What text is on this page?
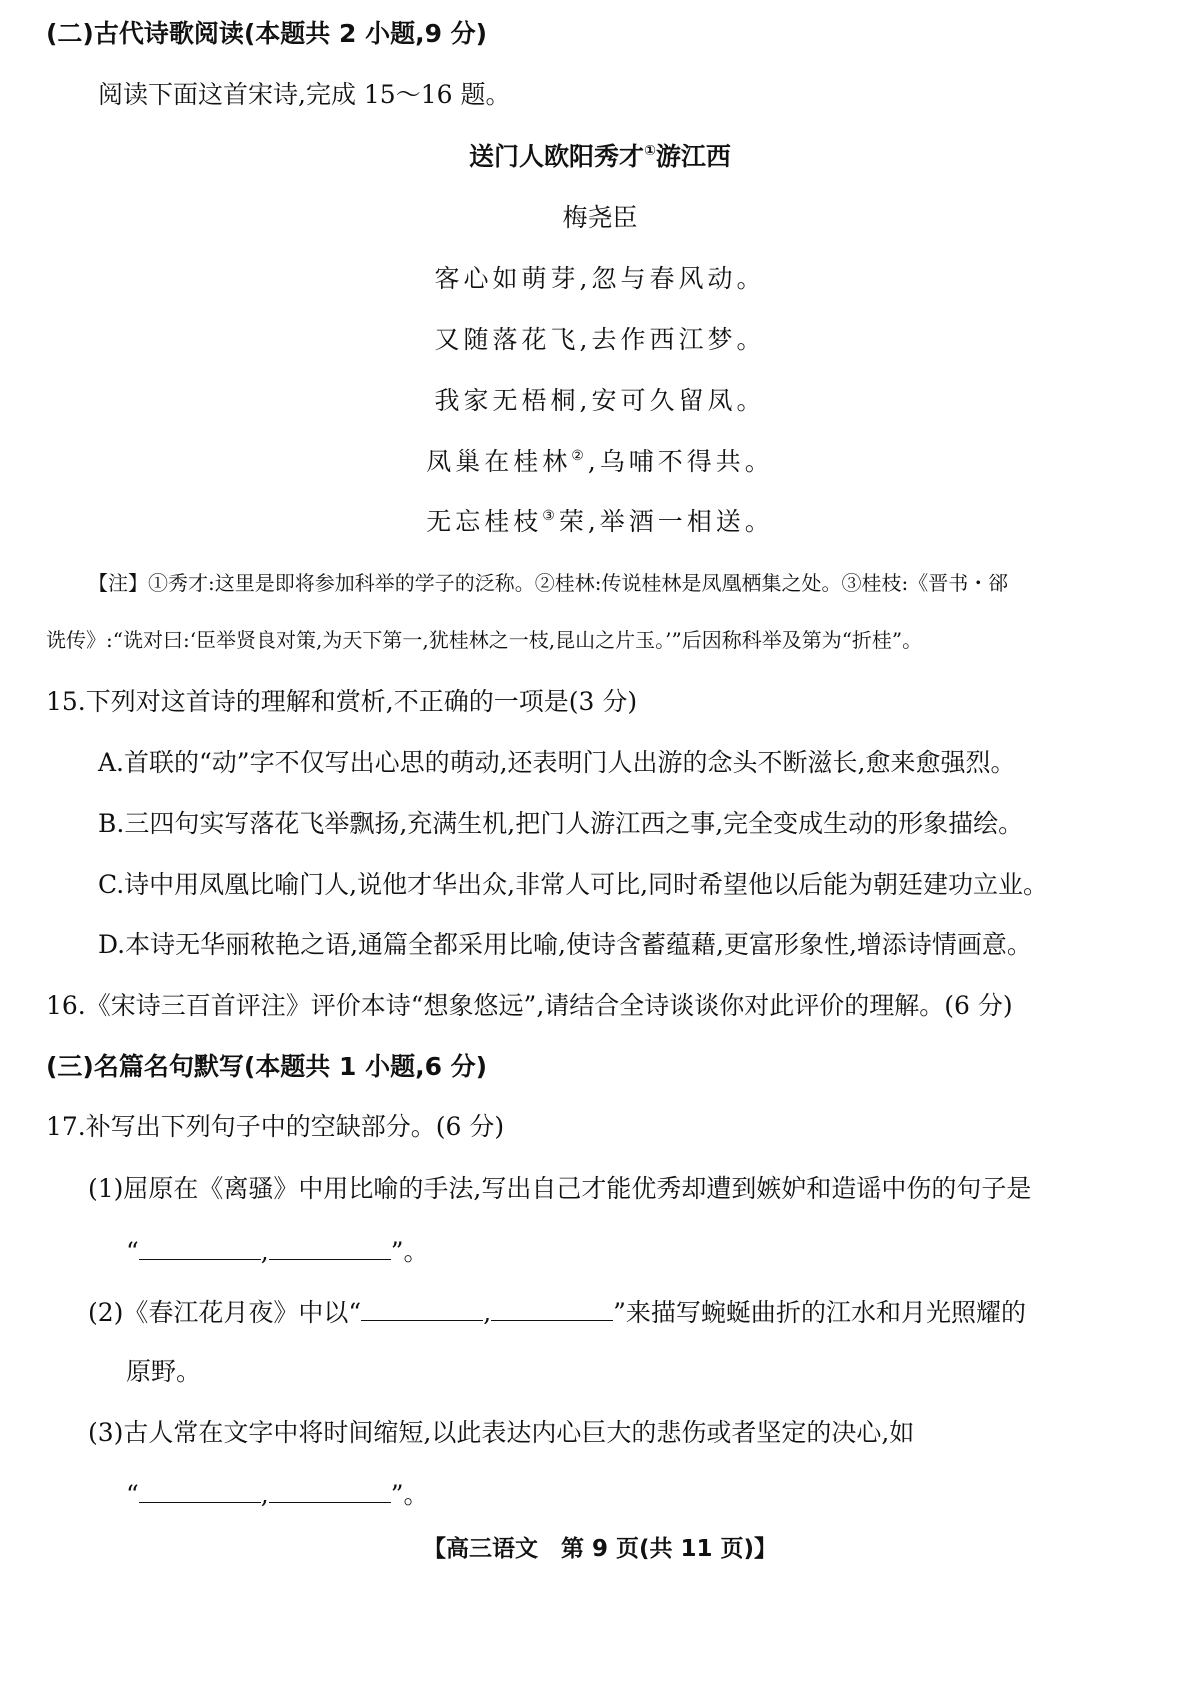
(二)古代诗歌阅读(本题共 2 小题,9 分)
阅读下面这首宋诗,完成 15～16 题。
送门人欧阳秀才①游江西
梅尧臣
客心如萌芽,忽与春风动。
又随落花飞,去作西江梦。
我家无梧桐,安可久留凤。
凤巢在桂林②,乌哺不得共。
无忘桂枝③荣,举酒一相送。
【注】①秀才:这里是即将参加科举的学子的泛称。②桂林:传说桂林是凤凰栖集之处。③桂枝:《晋书・郤
诜传》:“诜对曰:‘臣举贤良对策,为天下第一,犹桂林之一枝,昆山之片玉。’”后因称科举及第为“折桂”。
15.下列对这首诗的理解和赏析,不正确的一项是(3 分)
A.首联的“动”字不仅写出心思的萌动,还表明门人出游的念头不断滋长,愈来愈强烈。
B.三四句实写落花飞举飘扬,充满生机,把门人游江西之事,完全变成生动的形象描绘。
C.诗中用凤凰比喻门人,说他才华出众,非常人可比,同时希望他以后能为朝廷建功立业。
D.本诗无华丽秾艳之语,通篇全都采用比喻,使诗含蓄蕴藉,更富形象性,增添诗情画意。
16.《宋诗三百首评注》评价本诗“想象悠远”,请结合全诗谈谈你对此评价的理解。(6 分)
(三)名篇名句默写(本题共 1 小题,6 分)
17.补写出下列句子中的空缺部分。(6 分)
(1)屈原在《离骚》中用比喻的手法,写出自己才能优秀却遭到嫉妒和造谣中伤的句子是
“	,	”。
(2)《春江花月夜》中以“	,	”来描写蜿蜒曲折的江水和月光照耀的
原野。
(3)古人常在文字中将时间缩短,以此表达内心巨大的悲伤或者坚定的决心,如
“	,	”。
【高三语文　第 9 页(共 11 页)】
